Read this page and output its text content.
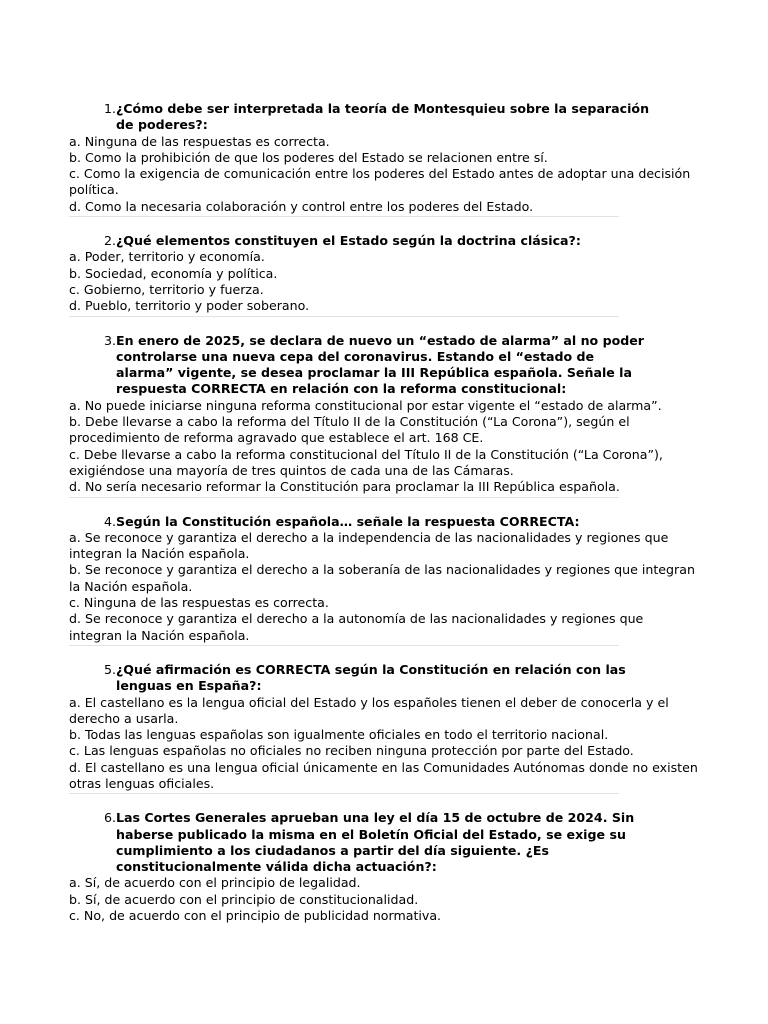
1. ¿Cómo debe ser interpretada la teoría de Montesquieu sobre la separación de poderes?:
a. Ninguna de las respuestas es correcta.
b. Como la prohibición de que los poderes del Estado se relacionen entre sí.
c. Como la exigencia de comunicación entre los poderes del Estado antes de adoptar una decisión política.
d. Como la necesaria colaboración y control entre los poderes del Estado.
2. ¿Qué elementos constituyen el Estado según la doctrina clásica?:
a. Poder, territorio y economía.
b. Sociedad, economía y política.
c. Gobierno, territorio y fuerza.
d. Pueblo, territorio y poder soberano.
3. En enero de 2025, se declara de nuevo un “estado de alarma” al no poder controlarse una nueva cepa del coronavirus. Estando el “estado de alarma” vigente, se desea proclamar la III República española. Señale la respuesta CORRECTA en relación con la reforma constitucional:
a. No puede iniciarse ninguna reforma constitucional por estar vigente el “estado de alarma”.
b. Debe llevarse a cabo la reforma del Título II de la Constitución (“La Corona”), según el procedimiento de reforma agravado que establece el art. 168 CE.
c. Debe llevarse a cabo la reforma constitucional del Título II de la Constitución (“La Corona”), exigiéndose una mayoría de tres quintos de cada una de las Cámaras.
d. No sería necesario reformar la Constitución para proclamar la III República española.
4. Según la Constitución española… señale la respuesta CORRECTA:
a. Se reconoce y garantiza el derecho a la independencia de las nacionalidades y regiones que integran la Nación española.
b. Se reconoce y garantiza el derecho a la soberanía de las nacionalidades y regiones que integran la Nación española.
c. Ninguna de las respuestas es correcta.
d. Se reconoce y garantiza el derecho a la autonomía de las nacionalidades y regiones que integran la Nación española.
5. ¿Qué afirmación es CORRECTA según la Constitución en relación con las lenguas en España?:
a. El castellano es la lengua oficial del Estado y los españoles tienen el deber de conocerla y el derecho a usarla.
b. Todas las lenguas españolas son igualmente oficiales en todo el territorio nacional.
c. Las lenguas españolas no oficiales no reciben ninguna protección por parte del Estado.
d. El castellano es una lengua oficial únicamente en las Comunidades Autónomas donde no existen otras lenguas oficiales.
6. Las Cortes Generales aprueban una ley el día 15 de octubre de 2024. Sin haberse publicado la misma en el Boletín Oficial del Estado, se exige su cumplimiento a los ciudadanos a partir del día siguiente. ¿Es constitucionalmente válida dicha actuación?:
a. Sí, de acuerdo con el principio de legalidad.
b. Sí, de acuerdo con el principio de constitucionalidad.
c. No, de acuerdo con el principio de publicidad normativa.
